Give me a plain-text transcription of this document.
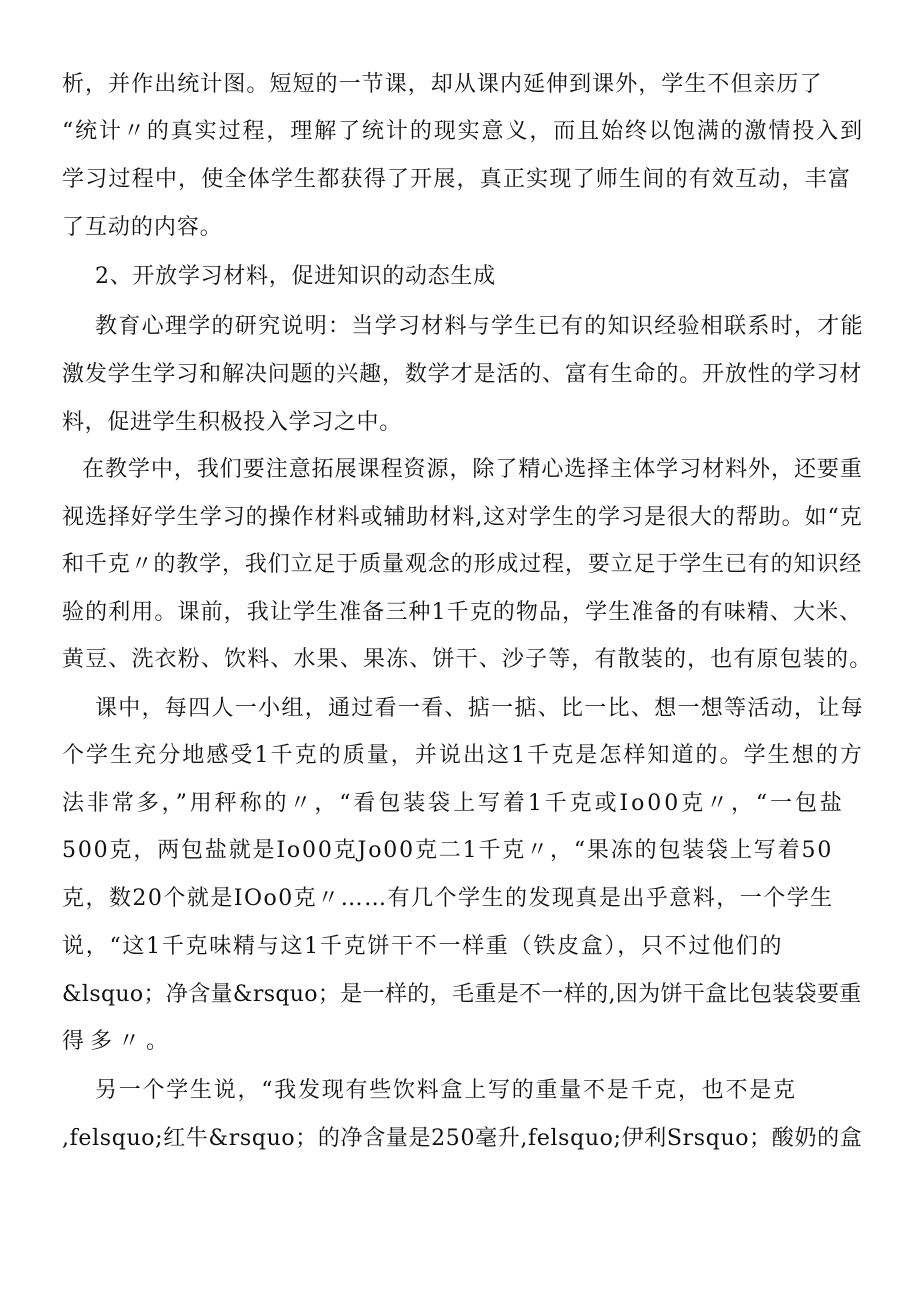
析，并作出统计图。短短的一节课，却从课内延伸到课外，学生不但亲历了
“统计〃的真实过程，理解了统计的现实意义，而且始终以饱满的激情投入到
学习过程中，使全体学生都获得了开展，真正实现了师生间的有效互动，丰富
了互动的内容。
2、开放学习材料，促进知识的动态生成
教育心理学的研究说明：当学习材料与学生已有的知识经验相联系时，才能
激发学生学习和解决问题的兴趣，数学才是活的、富有生命的。开放性的学习材
料，促进学生积极投入学习之中。
在教学中，我们要注意拓展课程资源，除了精心选择主体学习材料外，还要重
视选择好学生学习的操作材料或辅助材料,这对学生的学习是很大的帮助。如“克
和千克〃的教学，我们立足于质量观念的形成过程，要立足于学生已有的知识经
验的利用。课前，我让学生准备三种1千克的物品，学生准备的有味精、大米、
黄豆、洗衣粉、饮料、水果、果冻、饼干、沙子等，有散装的，也有原包装的。
课中，每四人一小组，通过看一看、掂一掂、比一比、想一想等活动，让每
个学生充分地感受1千克的质量，并说出这1千克是怎样知道的。学生想的方
法非常多，”用秤称的〃，“看包装袋上写着1千克或Io00克〃，“一包盐
500克，两包盐就是Io00克Jo00克二1千克〃，“果冻的包装袋上写着50
克，数20个就是IOo0克〃……有几个学生的发现真是出乎意料，一个学生
说，“这1千克味精与这1千克饼干不一样重（铁皮盒），只不过他们的
&lsquo；净含量&rsquo；是一样的，毛重是不一样的,因为饼干盒比包装袋要重
得多〃。
另一个学生说，“我发现有些饮料盒上写的重量不是千克，也不是克
,felsquo;红牛&rsquo；的净含量是250毫升,felsquo;伊利Srsquo；酸奶的盒
